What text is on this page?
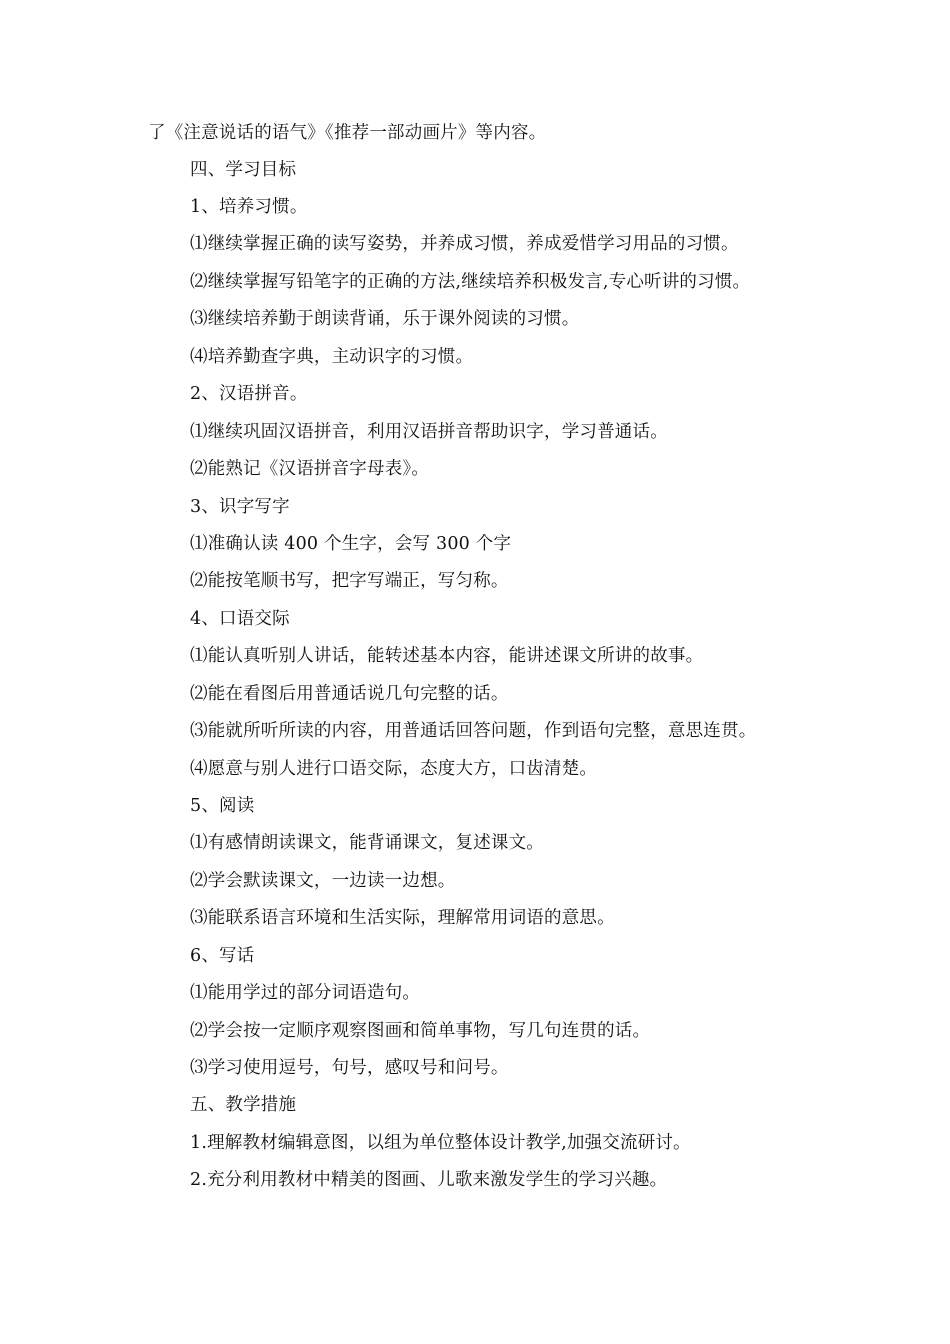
了《注意说话的语气》《推荐一部动画片》等内容。
四、学习目标
1、培养习惯。
⑴继续掌握正确的读写姿势，并养成习惯，养成爱惜学习用品的习惯。
⑵继续掌握写铅笔字的正确的方法,继续培养积极发言,专心听讲的习惯。
⑶继续培养勤于朗读背诵，乐于课外阅读的习惯。
⑷培养勤查字典，主动识字的习惯。
2、汉语拼音。
⑴继续巩固汉语拼音，利用汉语拼音帮助识字，学习普通话。
⑵能熟记《汉语拼音字母表》。
3、识字写字
⑴准确认读 400 个生字，会写 300 个字
⑵能按笔顺书写，把字写端正，写匀称。
4、口语交际
⑴能认真听别人讲话，能转述基本内容，能讲述课文所讲的故事。
⑵能在看图后用普通话说几句完整的话。
⑶能就所听所读的内容，用普通话回答问题，作到语句完整，意思连贯。
⑷愿意与别人进行口语交际，态度大方，口齿清楚。
5、阅读
⑴有感情朗读课文，能背诵课文，复述课文。
⑵学会默读课文，一边读一边想。
⑶能联系语言环境和生活实际，理解常用词语的意思。
6、写话
⑴能用学过的部分词语造句。
⑵学会按一定顺序观察图画和简单事物，写几句连贯的话。
⑶学习使用逗号，句号，感叹号和问号。
五、教学措施
1.理解教材编辑意图，以组为单位整体设计教学,加强交流研讨。
2.充分利用教材中精美的图画、儿歌来激发学生的学习兴趣。
